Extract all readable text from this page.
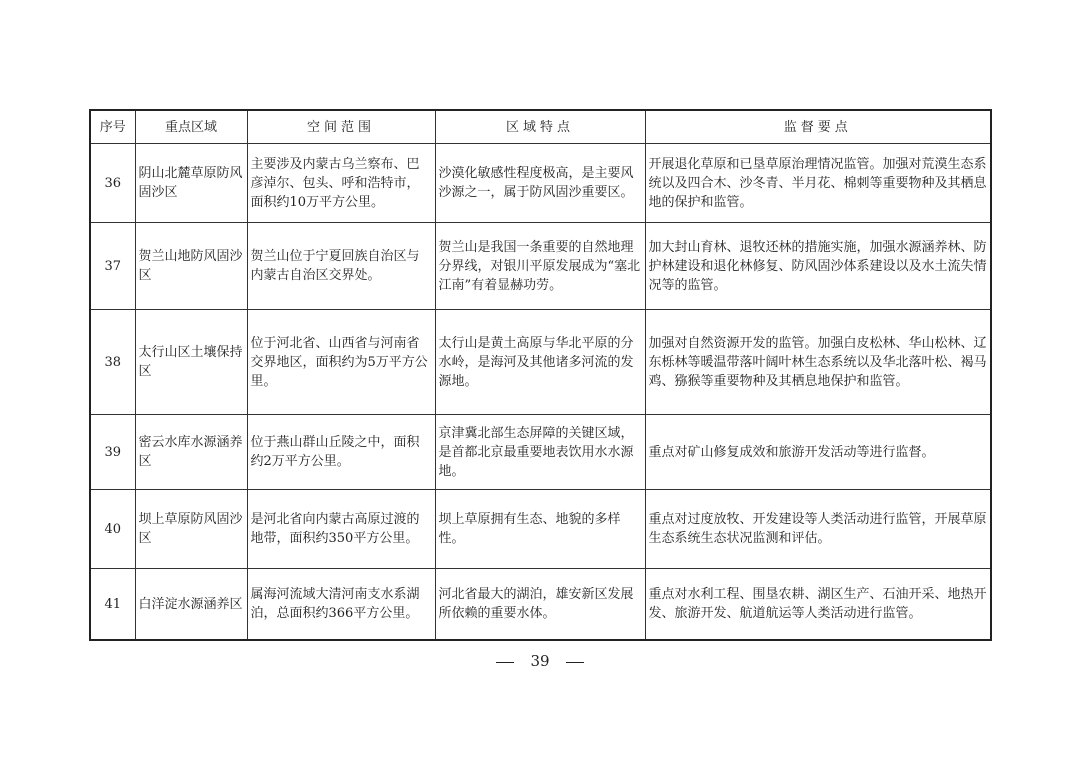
序号	重点区域	空间范围	区域特点	监督要点
36	阴山北麓草原防风固沙区	主要涉及内蒙古乌兰察布、巴彦淖尔、包头、呼和浩特市，面积约10万平方公里。	沙漠化敏感性程度极高，是主要风沙源之一，属于防风固沙重要区。	开展退化草原和已垦草原治理情况监管。加强对荒漠生态系统以及四合木、沙冬青、半月花、棉刺等重要物种及其栖息地的保护和监管。
37	贺兰山地防风固沙区	贺兰山位于宁夏回族自治区与内蒙古自治区交界处。	贺兰山是我国一条重要的自然地理分界线，对银川平原发展成为“塞北江南”有着显赫功劳。	加大封山育林、退牧还林的措施实施，加强水源涵养林、防护林建设和退化林修复、防风固沙体系建设以及水土流失情况等的监管。
38	太行山区土壤保持区	位于河北省、山西省与河南省交界地区，面积约为5万平方公里。	太行山是黄土高原与华北平原的分水岭，是海河及其他诸多河流的发源地。	加强对自然资源开发的监管。加强白皮松林、华山松林、辽东栎林等暖温带落叶阔叶林生态系统以及华北落叶松、褐马鸡、猕猴等重要物种及其栖息地保护和监管。
39	密云水库水源涵养区	位于燕山群山丘陵之中，面积约2万平方公里。	京津冀北部生态屏障的关键区域，是首都北京最重要地表饮用水水源地。	重点对矿山修复成效和旅游开发活动等进行监督。
40	坝上草原防风固沙区	是河北省向内蒙古高原过渡的地带，面积约350平方公里。	坝上草原拥有生态、地貌的多样性。	重点对过度放牧、开发建设等人类活动进行监管，开展草原生态系统生态状况监测和评估。
41	白洋淀水源涵养区	属海河流域大清河南支水系湖泊，总面积约366平方公里。	河北省最大的湖泊，雄安新区发展所依赖的重要水体。	重点对水利工程、围垦农耕、湖区生产、石油开采、地热开发、旅游开发、航道航运等人类活动进行监管。
39
